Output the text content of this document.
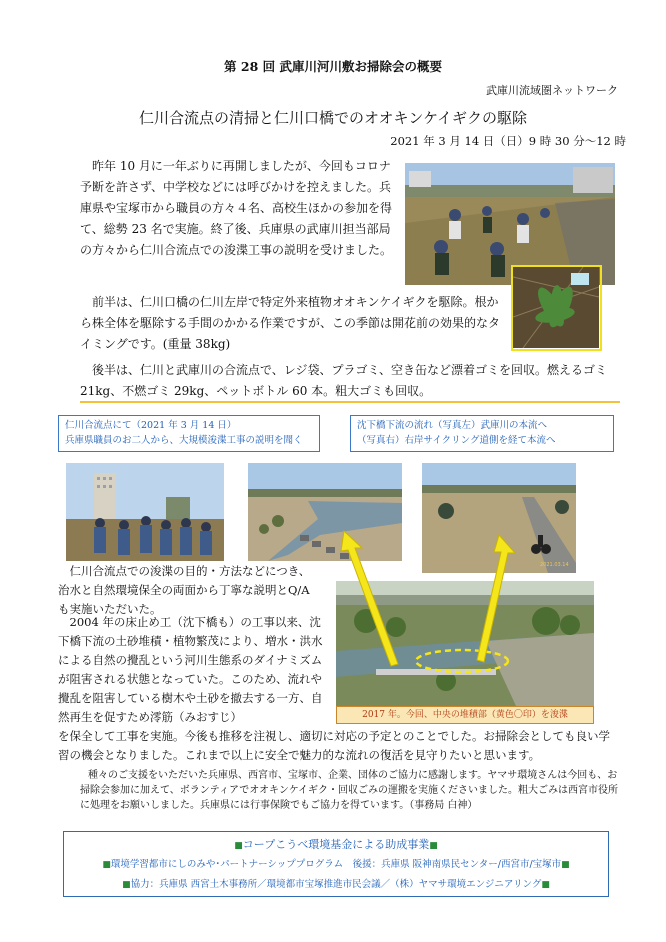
第 28 回 武庫川河川敷お掃除会の概要
武庫川流域圏ネットワーク
仁川合流点の清掃と仁川口橋でのオオキンケイギクの駆除
2021 年 3 月 14 日（日）9 時 30 分～12 時

昨年 10 月に一年ぶりに再開しましたが、今回もコロナ予断を許さず、中学校などには呼びかけを控えました。兵庫県や宝塚市から職員の方々４名、高校生ほかの参加を得て、総勢 23 名で実施。終了後、兵庫県の武庫川担当部局の方々から仁川合流点での浚渫工事の説明を受けました。

前半は、仁川口橋の仁川左岸で特定外来植物オオキンケイギクを駆除。根から株全体を駆除する手間のかかる作業ですが、この季節は開花前の効果的なタイミングです。(重量 38kg)

後半は、仁川と武庫川の合流点で、レジ袋、プラゴミ、空き缶など漂着ゴミを回収。燃えるゴミ 21kg、不燃ゴミ 29kg、ペットボトル 60 本。粗大ゴミも回収。

仁川合流点にて（2021 年 3 月 14 日）
兵庫県職員のお二人から、大規模浚渫工事の説明を聞く
沈下橋下流の流れ（写真左）武庫川の本流へ
（写真右）右岸サイクリング道側を経て本流へ
2021.03.14

仁川合流点での浚渫の目的・方法などにつき、治水と自然環境保全の両面から丁寧な説明とQ/A も実施いただいた。

2004 年の床止め工（沈下橋も）の工事以来、沈下橋下流の土砂堆積・植物繁茂により、増水・洪水による自然の攪乱という河川生態系のダイナミズムが阻害される状態となっていた。このため、流れや攪乱を阻害している樹木や土砂を撤去する一方、自然再生を促すため澪筋（みおすじ）	2017 年。今回、中央の堆積部（黄色〇印）を浚渫

を保全して工事を実施。今後も推移を注視し、適切に対応の予定とのことでした。お掃除会としても良い学習の機会となりました。これまで以上に安全で魅力的な流れの復活を見守りたいと思います。

種々のご支援をいただいた兵庫県、西宮市、宝塚市、企業、団体のご協力に感謝します。ヤマサ環境さんは今回も、お掃除会参加に加えて、ボランティアでオオキンケイギク・回収ごみの運搬を実施くださいました。粗大ごみは西宮市役所に処理をお願いしました。兵庫県には行事保険でもご協力を得ています。（事務局 白神）

■コープこうべ環境基金による助成事業■
■環境学習都市にしのみや･パートナーシッププログラム　後援：兵庫県 阪神南県民センター/西宮市/宝塚市■
■協力：兵庫県 西宮土木事務所／環境都市宝塚推進市民会議／（株）ヤマサ環境エンジニアリング■
